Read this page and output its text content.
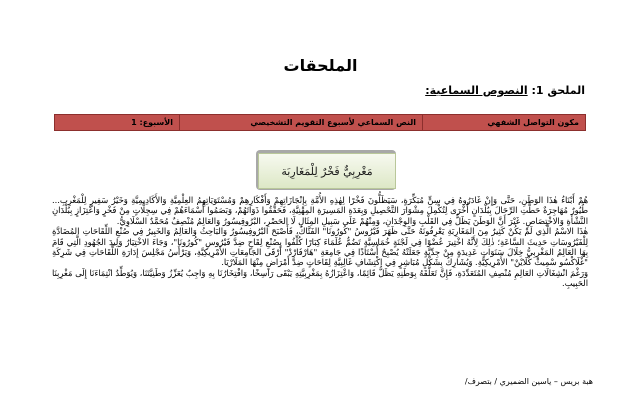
الملحقات
الملحق 1: النصوص السماعية:
مكون التواصل الشفهي	النص السماعي لأسبوع التقويم التشخيصي	الأسبوع: 1
مَغْرِبِيٌّ فَخْرٌ لِلْمَغَارِبَة

هُمْ أَبْنَاءُ هٰذَا الوَطَنِ، حَتَّى وَإِنْ غَادَرُوهُ فِي سِنٍّ مُبَكِّرَةٍ، سَيَظَلُّونَ فَخْرًا لِهٰذِهِ الأُمَّةِ بِإِنْجَازَاتِهِمْ وَأَفْكَارِهِمْ وَمُسْتَوَيَاتِهِمُ العِلْمِيَّةِ وَالأَكَادِيمِيَّةِ وَخَيْرُ سَفِيرٍ لِلْمَغْرِبِ... طُيُورٌ مُهَاجِرَةٌ حَطَّتِ الرِّحَالَ بِبُلْدَانٍ أُخْرَى لِتُكْمِلَ مِشْوَارَ التَّحْصِيلِ وَبِعَدَةِ المَسِيرَةِ المِهْنِيَّةِ، فَحَقَّقُوا ذَوَاتَهُمْ، وَبَصَمُوا أَسْمَاءَهُمْ فِي سِجِلَّاتٍ مِنْ فَخْرٍ وَاعْتِزَازٍ بِبُلْدَانِ النَّشْأَةِ وَالاخْتِصَاصِ. غَيْرَ أَنَّ الوَطَنَ يَظَلُّ فِي القَلْبِ وَالوِجْدَانِ، وَمِنْهُمْ عَلَى سَبِيلِ المِثَالِ لَا الحَصْرِ، البْرُوفِيسُورُ وَالعَالِمُ مُنْصِفٌ مُحَمَّدٌ السْلَاوِيُّ.

هٰذَا الاسْمُ الَّذِي لَمْ يَكُنْ كَثِيرٌ مِنَ المَغَارِبَةِ يَعْرِفُونَهُ حَتَّى ظَهَرَ فَيْرُوسُ "كُورُونَا" الفَتَّاكُ، فَأَصْبَحَ البْرُوفِيسُورُ وَالبَاحِثُ وَالعَالِمُ وَالخَبِيرُ فِي صُنْعِ اللِّقَاحَاتِ المُضَادَّةِ لِلْفَيْرُوسَاتِ حَدِيثَ السَّاعَةِ؛ ذٰلِكَ لِأَنَّهُ اخْتِيرَ عُضْوًا فِي لَجْنَةٍ خُمَاسِيَّةٍ تَضُمُّ عُلَمَاءَ كِبَارًا كُلِّفُوا بِصُنْعِ لِقَاحٍ ضِدَّ فَيْرُوسِ "كُورُونَا"، وَجَاءَ الاخْتِيَارُ وَلِيدَ الجُهُودِ الَّتِي قَامَ بِهَا العَالِمُ المَغْرِبِيُّ خِلَالَ سَنَوَاتٍ عَدِيدَةٍ مِنْ جِدِّيَّةٍ جَعَلَتْهُ يُصْبِحُ أُسْتَاذًا فِي جَامِعَةِ "هَارْفَارْدْ" أَرْقَى الجَامِعَاتِ الأَمْرِيكِيَّةِ، وَيَرْأَسُ مَجْلِسَ إِدَارَةِ اللِّقَاحَاتِ فِي شَرِكَةِ "غْلَاكْسُو سْمِيثْ كْلَايْنْ" الأَمْرِيكِيَّةِ. وَيُشَارِكُ بِشَكْلٍ مُبَاشِرٍ فِي اكْتِشَافِ غَالِبِيَّةِ لِقَاحَاتٍ ضِدَّ أَمْرَاضٍ مِنْهَا المَلَارْيَا.

وَرَغْمَ انْشِغَالَاتِ العَالِمِ مُنْصِفِ المُتَعَدِّدَةِ، فَإِنَّ تَعَلُّقَهُ بِوَطَنِهِ يَظَلُّ قَائِمًا، وَاعْتِزَازُهُ بِمَغْرِبِيَّتِهِ يَبْقَى رَاسِخًا، وَافْتِخَارُنَا بِهِ وَاجِبٌ يُعَزِّزُ وَطَنِيَّتَنَا، وَيُوَطِّدُ انْتِمَاءَنَا إِلَى مَغْرِبِنَا الحَبِيبِ.

هبة بريس – ياسين الضميري / بتصرف/
